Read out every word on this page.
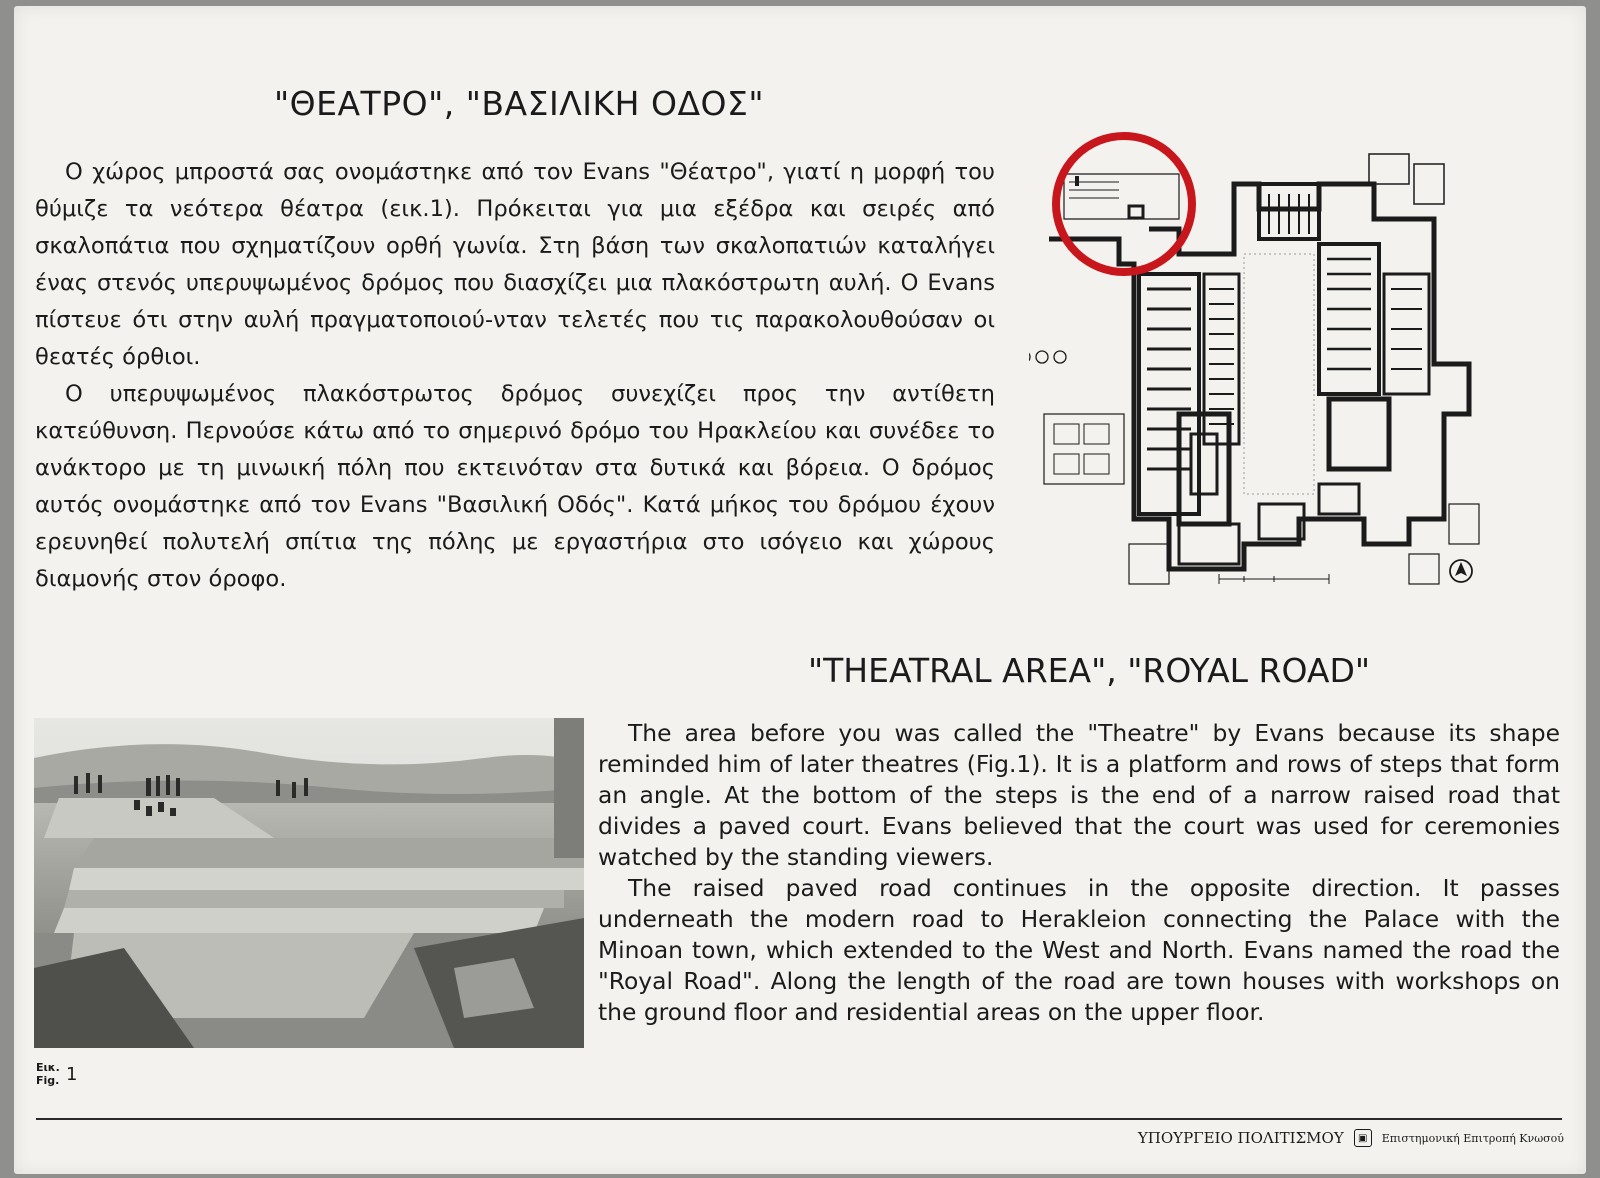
"ΘΕΑΤΡΟ", "ΒΑΣΙΛΙΚΗ ΟΔΟΣ"

Ο χώρος μπροστά σας ονομάστηκε από τον Evans "Θέατρο", γιατί η μορφή του θύμιζε τα νεότερα θέατρα (εικ.1). Πρόκειται για μια εξέδρα και σειρές από σκαλοπάτια που σχηματίζουν ορθή γωνία. Στη βάση των σκαλοπατιών καταλήγει ένας στενός υπερυψωμένος δρόμος που διασχίζει μια πλακόστρωτη αυλή. Ο Evans πίστευε ότι στην αυλή πραγματοποιού-νταν τελετές που τις παρακολουθούσαν οι θεατές όρθιοι.

Ο υπερυψωμένος πλακόστρωτος δρόμος συνεχίζει προς την αντίθετη κατεύθυνση. Περνούσε κάτω από το σημερινό δρόμο του Ηρακλείου και συνέδεε το ανάκτορο με τη μινωική πόλη που εκτεινόταν στα δυτικά και βόρεια. Ο δρόμος αυτός ονομάστηκε από τον Evans "Βασιλική Οδός". Κατά μήκος του δρόμου έχουν ερευνηθεί πολυτελή σπίτια της πόλης με εργαστήρια στο ισόγειο και χώρους διαμονής στον όροφο.

"THEATRAL AREA", "ROYAL ROAD"
Εικ.
Fig. 1

The area before you was called the "Theatre" by Evans because its shape reminded him of later theatres (Fig.1). It is a platform and rows of steps that form an angle. At the bottom of the steps is the end of a narrow raised road that divides a paved court. Evans believed that the court was used for ceremonies watched by the standing viewers.

The raised paved road continues in the opposite direction. It passes underneath the modern road to Herakleion connecting the Palace with the Minoan town, which extended to the West and North. Evans named the road the "Royal Road". Along the length of the road are town houses with workshops on the ground floor and residential areas on the upper floor.

ΥΠΟΥΡΓΕΙΟ ΠΟΛΙΤΙΣΜΟΥ	▣	Επιστημονική Επιτροπή Κνωσού
